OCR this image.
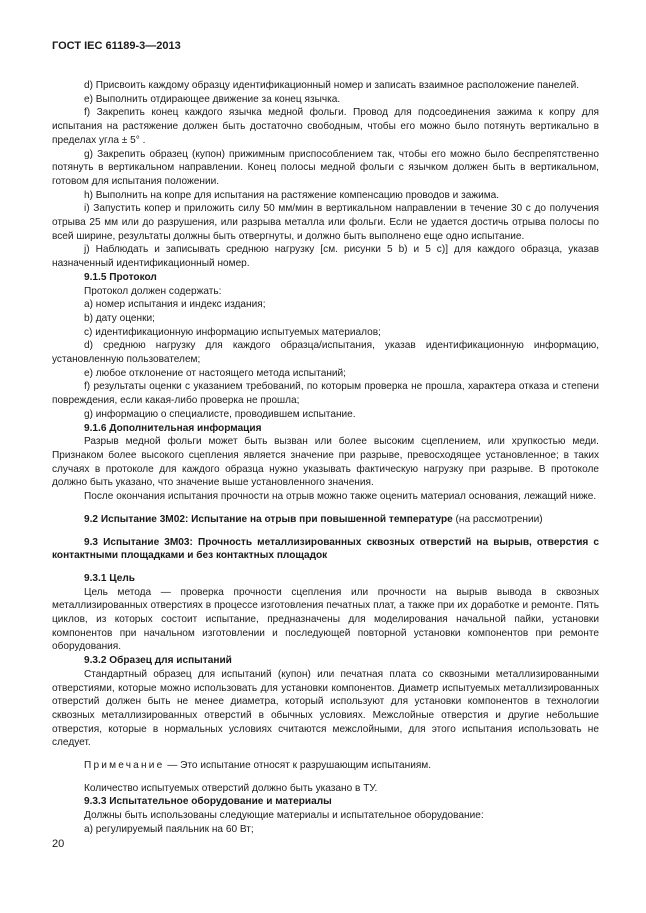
ГОСТ IEC 61189-3—2013

d) Присвоить каждому образцу идентификационный номер и записать взаимное расположение панелей.

e) Выполнить отдирающее движение за конец язычка.

f) Закрепить конец каждого язычка медной фольги. Провод для подсоединения зажима к копру для испытания на растяжение должен быть достаточно свободным, чтобы его можно было потянуть вертикально в пределах угла ± 5° .

g) Закрепить образец (купон) прижимным приспособлением так, чтобы его можно было беспрепятственно потянуть в вертикальном направлении. Конец полосы медной фольги с язычком должен быть в вертикальном, готовом для испытания положении.

h) Выполнить на копре для испытания на растяжение компенсацию проводов и зажима.

i) Запустить копер и приложить силу 50 мм/мин в вертикальном направлении в течение 30 с до получения отрыва 25 мм или до разрушения, или разрыва металла или фольги. Если не удается достичь отрыва полосы по всей ширине, результаты должны быть отвергнуты, и должно быть выполнено еще одно испытание.

j) Наблюдать и записывать среднюю нагрузку [см. рисунки 5 b) и 5 c)] для каждого образца, указав назначенный идентификационный номер.

9.1.5 Протокол

Протокол должен содержать:

a) номер испытания и индекс издания;

b) дату оценки;

c) идентификационную информацию испытуемых материалов;

d) среднюю нагрузку для каждого образца/испытания, указав идентификационную информацию, установленную пользователем;

e) любое отклонение от настоящего метода испытаний;

f) результаты оценки с указанием требований, по которым проверка не прошла, характера отказа и степени повреждения, если какая-либо проверка не прошла;

g) информацию о специалисте, проводившем испытание.

9.1.6 Дополнительная информация

Разрыв медной фольги может быть вызван или более высоким сцеплением, или хрупкостью меди. Признаком более высокого сцепления является значение при разрыве, превосходящее установленное; в таких случаях в протоколе для каждого образца нужно указывать фактическую нагрузку при разрыве. В протоколе должно быть указано, что значение выше установленного значения.

После окончания испытания прочности на отрыв можно также оценить материал основания, лежащий ниже.

9.2 Испытание 3М02: Испытание на отрыв при повышенной температуре (на рассмотрении)

9.3 Испытание 3М03: Прочность металлизированных сквозных отверстий на вырыв, отверстия с контактными площадками и без контактных площадок

9.3.1 Цель

Цель метода — проверка прочности сцепления или прочности на вырыв вывода в сквозных металлизированных отверстиях в процессе изготовления печатных плат, а также при их доработке и ремонте. Пять циклов, из которых состоит испытание, предназначены для моделирования начальной пайки, установки компонентов при начальном изготовлении и последующей повторной установки компонентов при ремонте оборудования.

9.3.2 Образец для испытаний

Стандартный образец для испытаний (купон) или печатная плата со сквозными металлизированными отверстиями, которые можно использовать для установки компонентов. Диаметр испытуемых металлизированных отверстий должен быть не менее диаметра, который используют для установки компонентов в технологии сквозных металлизированных отверстий в обычных условиях. Межслойные отверстия и другие небольшие отверстия, которые в нормальных условиях считаются межслойными, для этого испытания использовать не следует.

Примечание — Это испытание относят к разрушающим испытаниям.

Количество испытуемых отверстий должно быть указано в ТУ.

9.3.3 Испытательное оборудование и материалы

Должны быть использованы следующие материалы и испытательное оборудование:

a) регулируемый паяльник на 60 Вт;

20
